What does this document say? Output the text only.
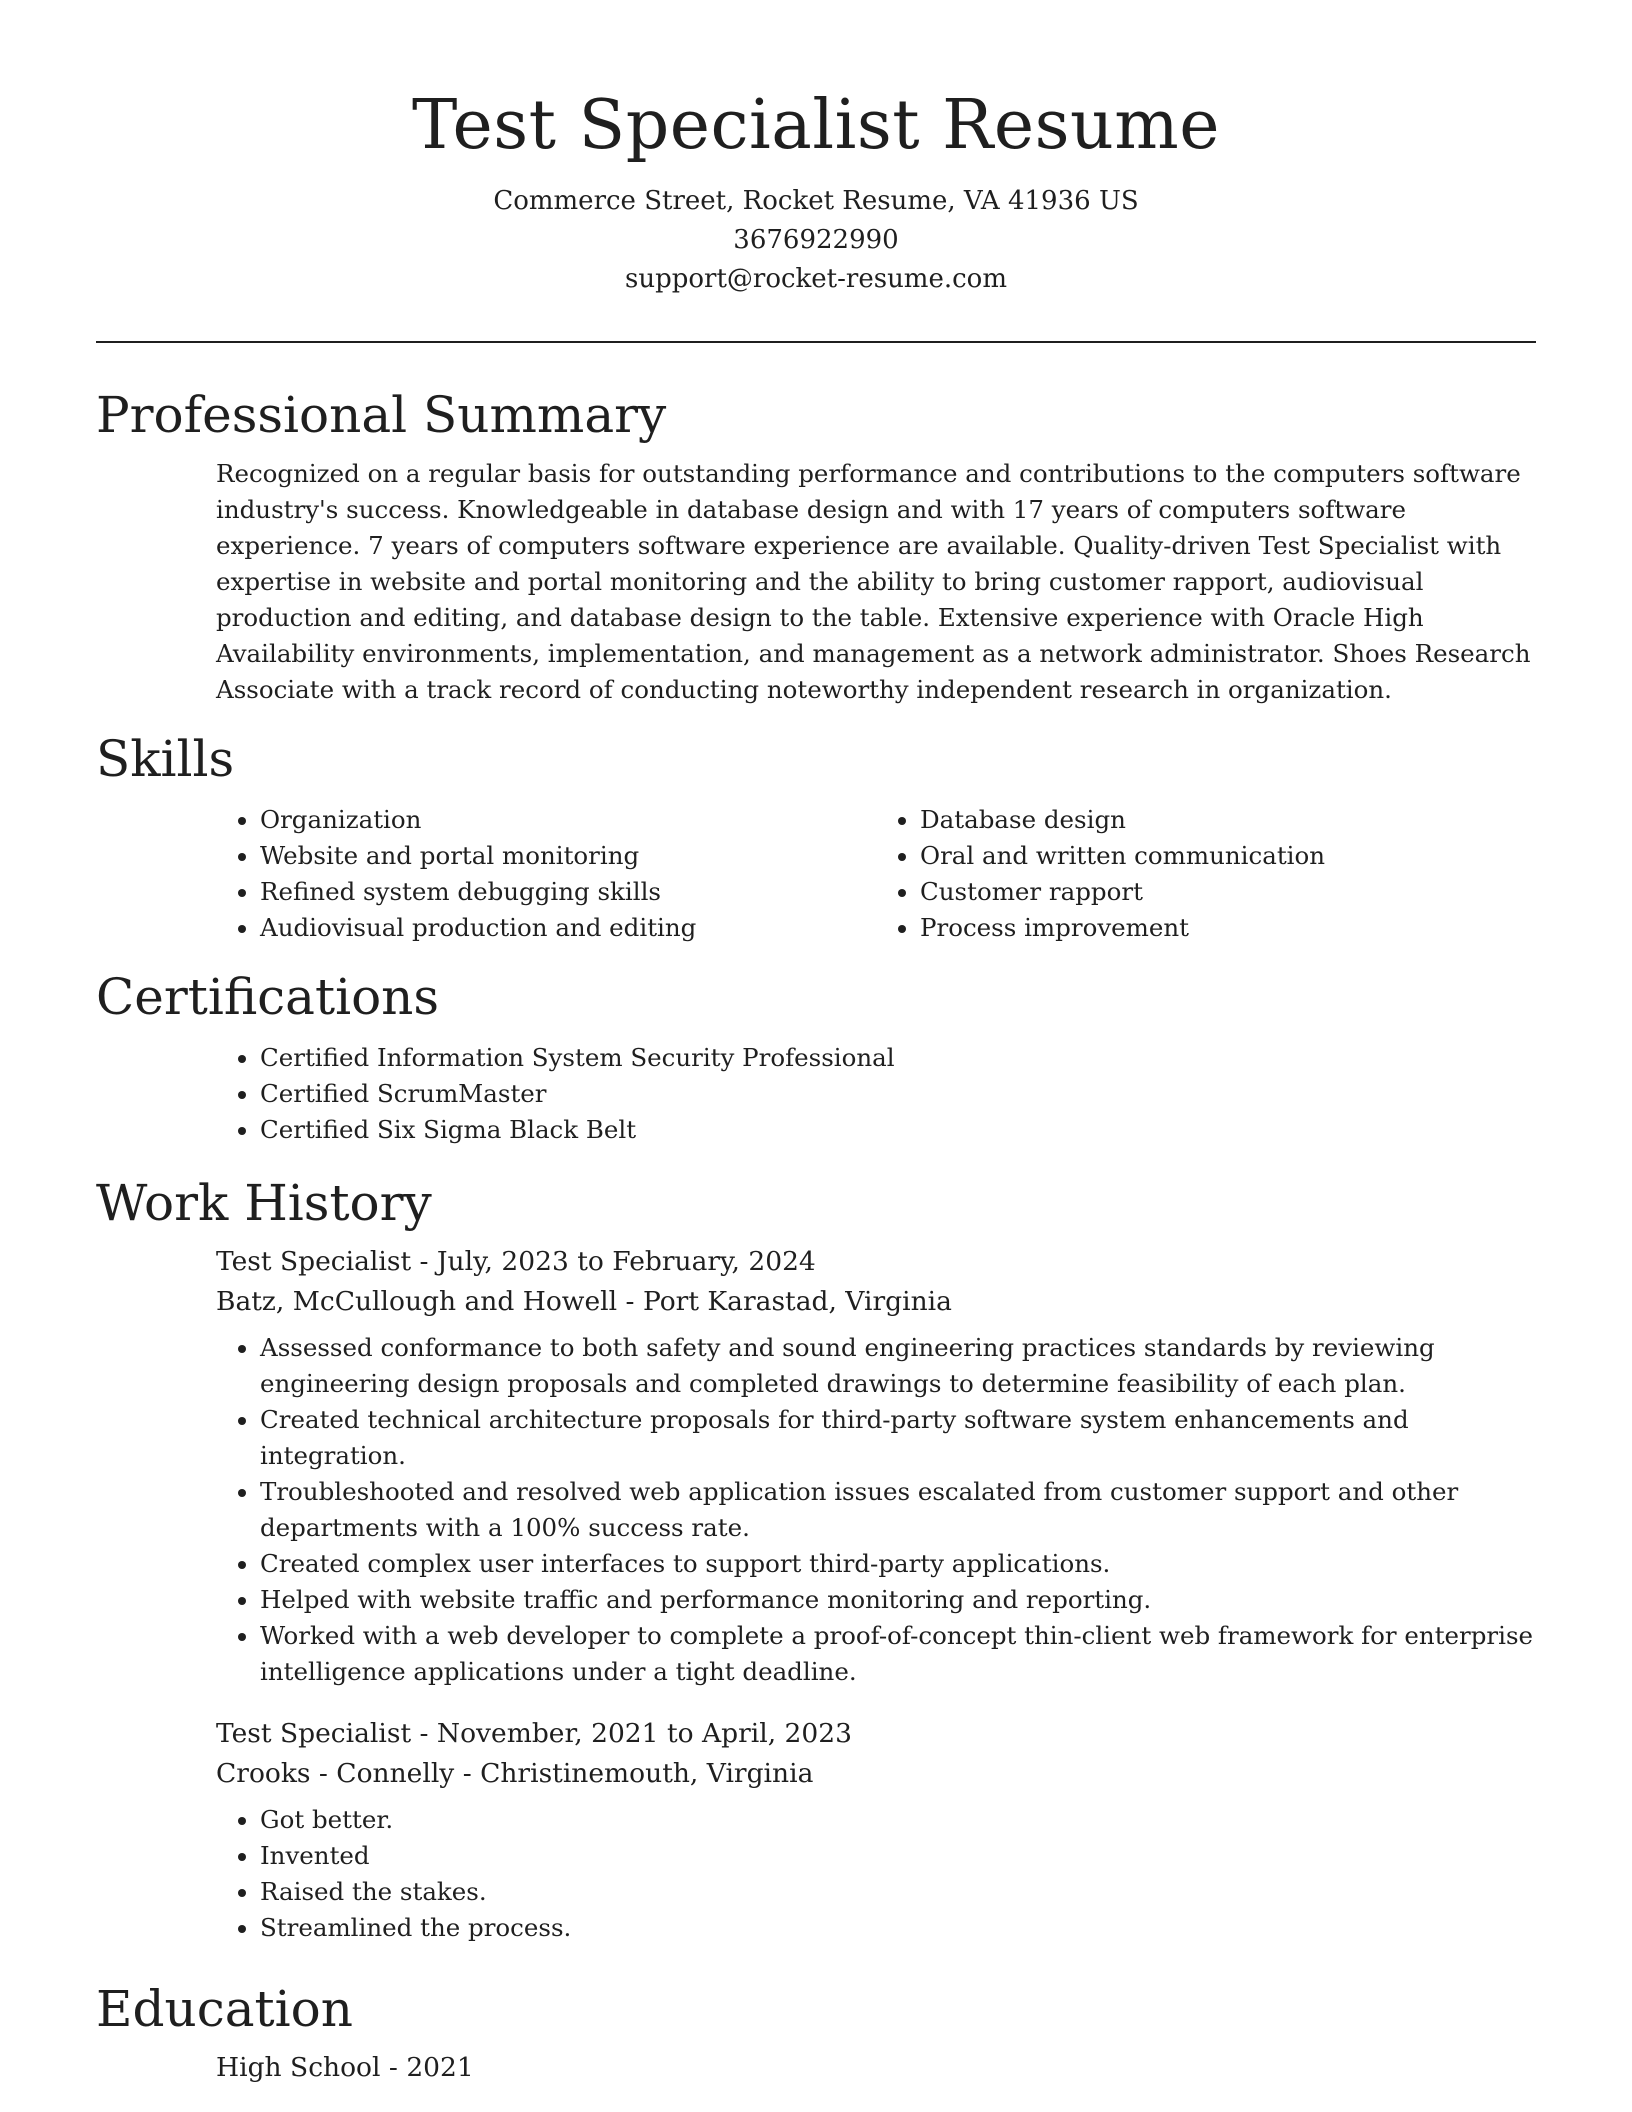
Test Specialist Resume
Commerce Street, Rocket Resume, VA 41936 US
3676922990
support@rocket-resume.com
Professional Summary

Recognized on a regular basis for outstanding performance and contributions to the computers software industry's success. Knowledgeable in database design and with 17 years of computers software experience. 7 years of computers software experience are available. Quality-driven Test Specialist with expertise in website and portal monitoring and the ability to bring customer rapport, audiovisual production and editing, and database design to the table. Extensive experience with Oracle High Availability environments, implementation, and management as a network administrator. Shoes Research Associate with a track record of conducting noteworthy independent research in organization.

Skills
• Organization
• Website and portal monitoring
• Refined system debugging skills
• Audiovisual production and editing
• Database design
• Oral and written communication
• Customer rapport
• Process improvement
Certifications
• Certified Information System Security Professional
• Certified ScrumMaster
• Certified Six Sigma Black Belt
Work History
Test Specialist - July, 2023 to February, 2024
Batz, McCullough and Howell - Port Karastad, Virginia
• Assessed conformance to both safety and sound engineering practices standards by reviewing engineering design proposals and completed drawings to determine feasibility of each plan.
• Created technical architecture proposals for third-party software system enhancements and integration.
• Troubleshooted and resolved web application issues escalated from customer support and other departments with a 100% success rate.
• Created complex user interfaces to support third-party applications.
• Helped with website traffic and performance monitoring and reporting.
• Worked with a web developer to complete a proof-of-concept thin-client web framework for enterprise intelligence applications under a tight deadline.
Test Specialist - November, 2021 to April, 2023
Crooks - Connelly - Christinemouth, Virginia
• Got better.
• Invented
• Raised the stakes.
• Streamlined the process.
Education
High School - 2021
